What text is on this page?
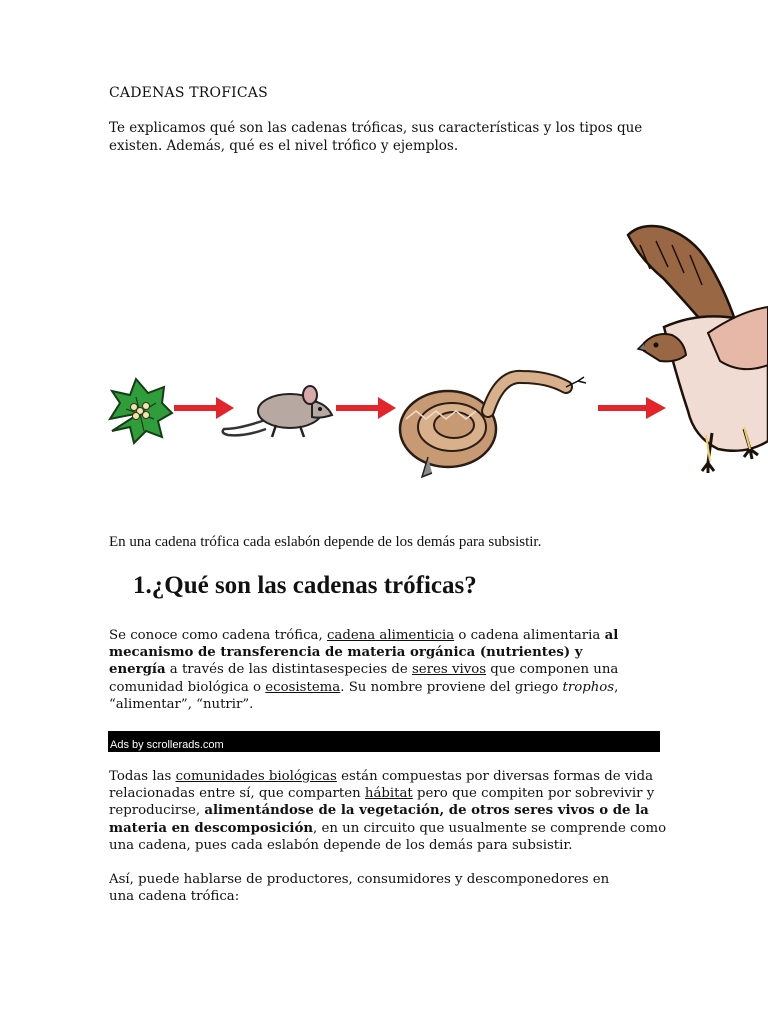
CADENAS TROFICAS

Te explicamos qué son las cadenas tróficas, sus características y los tipos que existen. Además, qué es el nivel trófico y ejemplos.

En una cadena trófica cada eslabón depende de los demás para subsistir.

1.¿Qué son las cadenas tróficas?

Se conoce como cadena trófica, cadena alimenticia o cadena alimentaria al mecanismo de transferencia de materia orgánica (nutrientes) y energía a través de las distintasespecies de seres vivos que componen una comunidad biológica o ecosistema. Su nombre proviene del griego trophos, “alimentar”, “nutrir”.

Ads by scrollerads.com

Todas las comunidades biológicas están compuestas por diversas formas de vida relacionadas entre sí, que comparten hábitat pero que compiten por sobrevivir y reproducirse, alimentándose de la vegetación, de otros seres vivos o de la materia en descomposición, en un circuito que usualmente se comprende como una cadena, pues cada eslabón depende de los demás para subsistir.

Así, puede hablarse de productores, consumidores y descomponedores en una cadena trófica:
